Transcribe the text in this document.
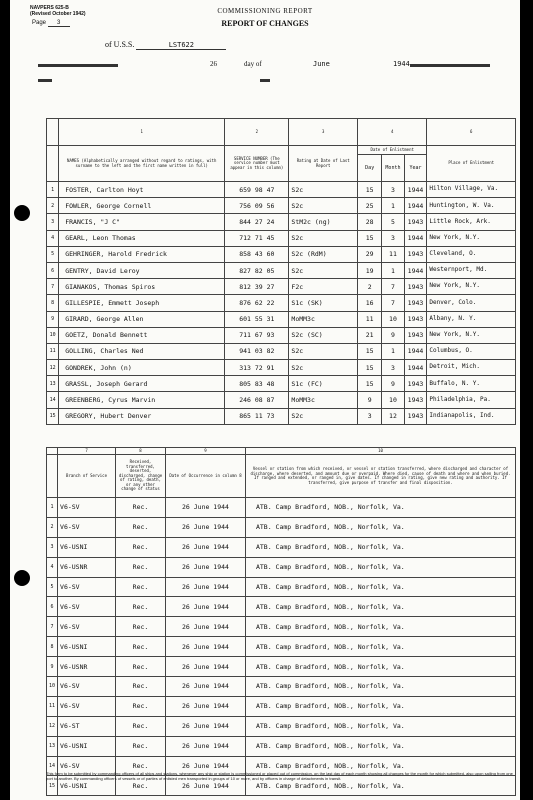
NAVPERS 625-B
(Revised October 1942)
Page 3
COMMISSIONING REPORT
REPORT OF CHANGES
of U.S.S.	LST622
26	day of	June	1944
	1	2	3	4			6
	NAMES (Alphabetically arranged without regard to ratings, with surname to the left and the first name written in full)	SERVICE NUMBER (The service number must appear in this column)	Rating at Date of Last Report	Date of Enlistment			Place of Enlistment
				Day	Month	Year	
1	FOSTER, Carlton Hoyt	659 98 47	S2c	15	3	1944	Hilton Village, Va.
2	FOWLER, George Cornell	756 09 56	S2c	25	1	1944	Huntington, W. Va.
3	FRANCIS, "J C"	844 27 24	StM2c (ng)	28	5	1943	Little Rock, Ark.
4	GEARL, Leon Thomas	712 71 45	S2c	15	3	1944	New York, N.Y.
5	GEHRINGER, Harold Fredrick	858 43 60	S2c (RdM)	29	11	1943	Cleveland, O.
6	GENTRY, David Leroy	827 82 05	S2c	19	1	1944	Westernport, Md.
7	GIANAKOS, Thomas Spiros	812 39 27	F2c	2	7	1943	New York, N.Y.
8	GILLESPIE, Emmett Joseph	876 62 22	S1c (SK)	16	7	1943	Denver, Colo.
9	GIRARD, George Allen	601 55 31	MoMM3c	11	10	1943	Albany, N. Y.
10	GOETZ, Donald Bennett	711 67 93	S2c (SC)	21	9	1943	New York, N.Y.
11	GOLLING, Charles Ned	941 03 82	S2c	15	1	1944	Columbus, O.
12	GONDREK, John (n)	313 72 91	S2c	15	3	1944	Detroit, Mich.
13	GRASSL, Joseph Gerard	805 83 48	S1c (FC)	15	9	1943	Buffalo, N. Y.
14	GREENBERG, Cyrus Marvin	246 08 87	MoMM3c	9	10	1943	Philadelphia, Pa.
15	GREGORY, Hubert Denver	865 11 73	S2c	3	12	1943	Indianapolis, Ind.
	7	8	9	10
	Branch of Service	Received, transferred, deserted, discharged, change of rating, death, or any other change of status	Date of Occurrence in column 8	Vessel or station from which received, or vessel or station transferred, where discharged and character of discharge, where deserted, and amount due or overpaid. Where died, cause of death and where and when buried. If ranged and extended, or ranged in, give dates. If changed in rating, give new rating and authority. If transferred, give purpose of transfer and final disposition.
1	V6-SV	Rec.	26 June 1944	ATB. Camp Bradford, NOB., Norfolk, Va.
2	V6-SV	Rec.	26 June 1944	ATB. Camp Bradford, NOB., Norfolk, Va.
3	V6-USNI	Rec.	26 June 1944	ATB. Camp Bradford, NOB., Norfolk, Va.
4	V6-USNR	Rec.	26 June 1944	ATB. Camp Bradford, NOB., Norfolk, Va.
5	V6-SV	Rec.	26 June 1944	ATB. Camp Bradford, NOB., Norfolk, Va.
6	V6-SV	Rec.	26 June 1944	ATB. Camp Bradford, NOB., Norfolk, Va.
7	V6-SV	Rec.	26 June 1944	ATB. Camp Bradford, NOB., Norfolk, Va.
8	V6-USNI	Rec.	26 June 1944	ATB. Camp Bradford, NOB., Norfolk, Va.
9	V6-USNR	Rec.	26 June 1944	ATB. Camp Bradford, NOB., Norfolk, Va.
10	V6-SV	Rec.	26 June 1944	ATB. Camp Bradford, NOB., Norfolk, Va.
11	V6-SV	Rec.	26 June 1944	ATB. Camp Bradford, NOB., Norfolk, Va.
12	V6-ST	Rec.	26 June 1944	ATB. Camp Bradford, NOB., Norfolk, Va.
13	V6-USNI	Rec.	26 June 1944	ATB. Camp Bradford, NOB., Norfolk, Va.
14	V6-SV	Rec.	26 June 1944	ATB. Camp Bradford, NOB., Norfolk, Va.
15	V6-USNI	Rec.	26 June 1944	ATB. Camp Bradford, NOB., Norfolk, Va.
This form to be submitted by commanding officers of all ships and stations, whenever any ship or station is commissioned or placed out of commission, on the last day of each month showing all changes for the month for which submitted, also upon sailing from one port to another. By commanding officers of vessels or of parties of enlisted men transported in groups of 10 or more, and by officers in charge of detachments in transit.
